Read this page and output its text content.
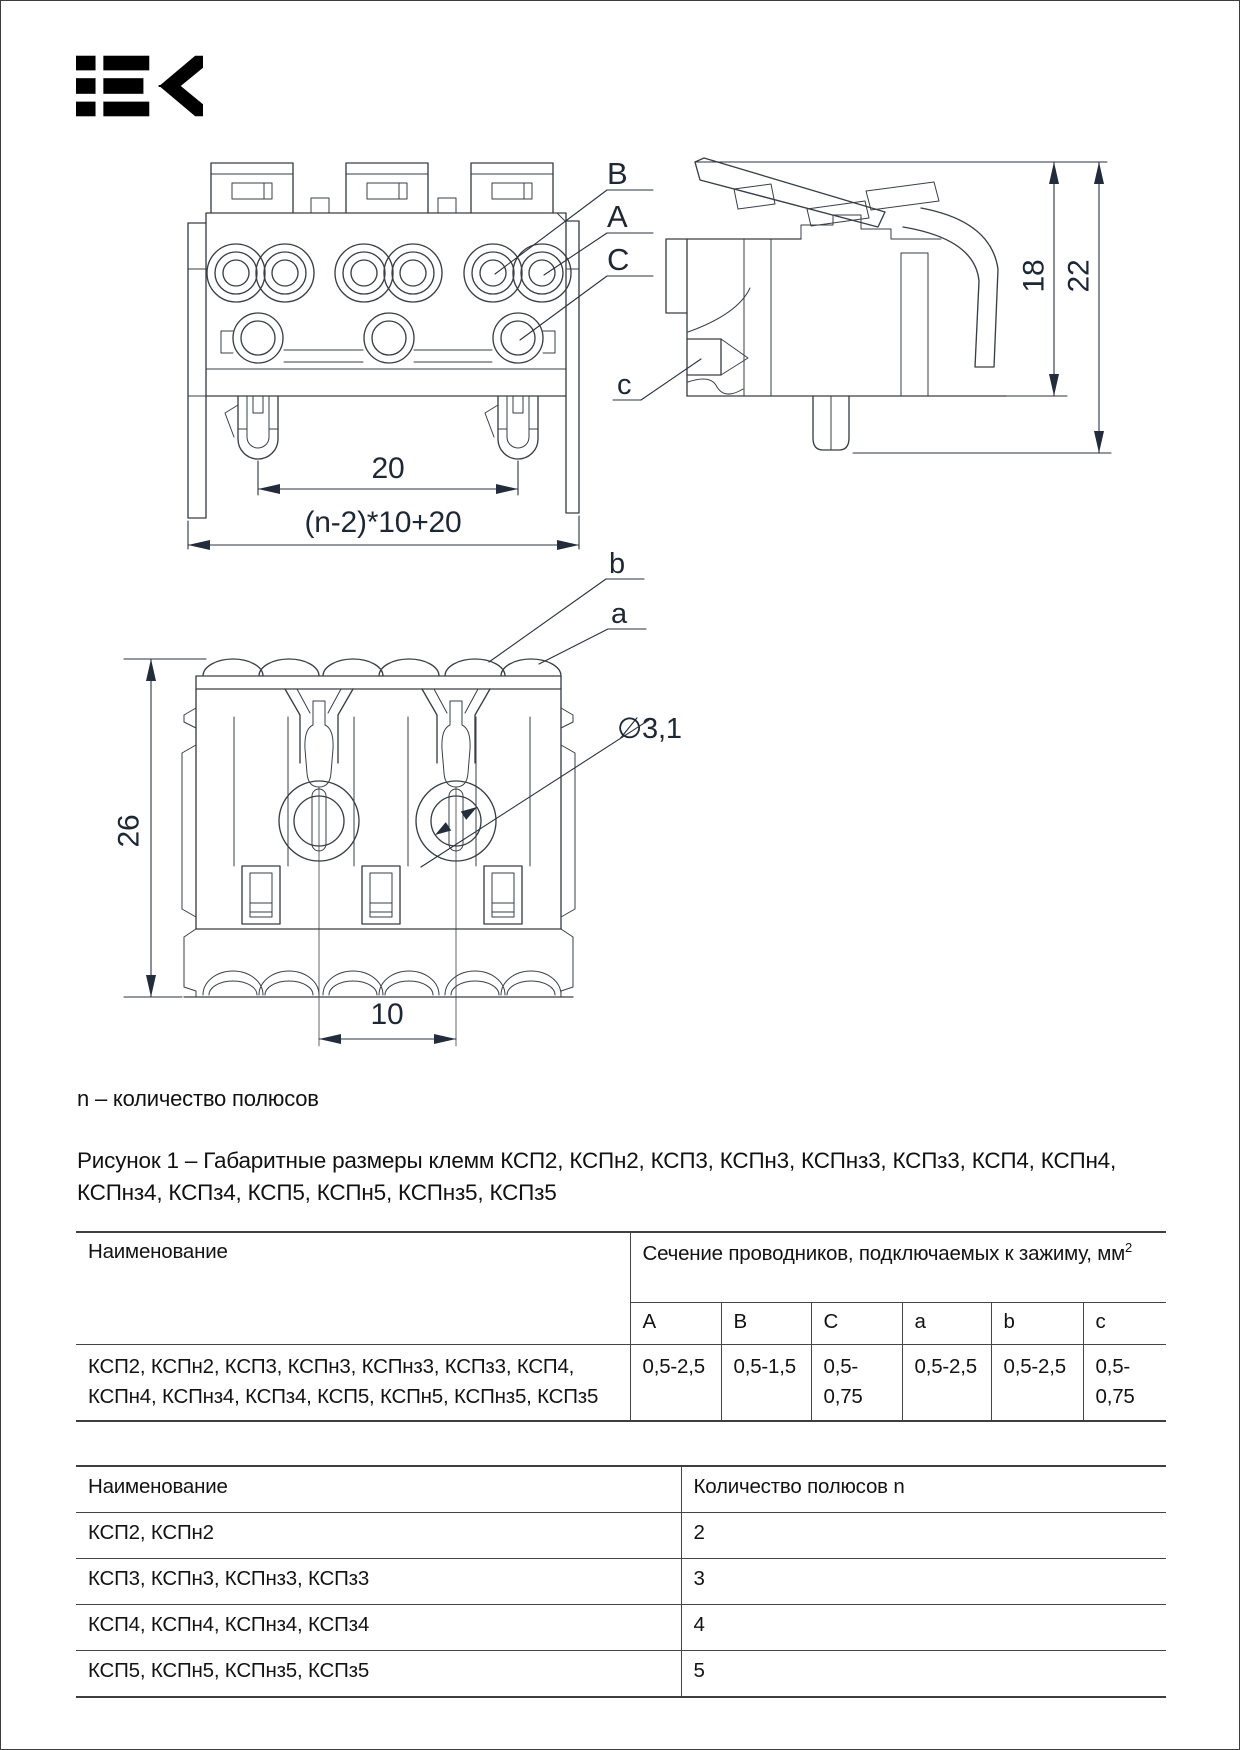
B
A
C
20
(n-2)*10+20
c
18 22
b
a
∅3,1
26
10
n – количество полюсов
Рисунок 1 – Габаритные размеры клемм КСП2, КСПн2, КСП3, КСПн3, КСПнз3, КСПз3, КСП4, КСПн4, КСПнз4, КСПз4, КСП5, КСПн5, КСПнз5, КСПз5
Наименование	Сечение проводников, подключаемых к зажиму, $мм^2$
	A	B	C	a	b	c
КСП2, КСПн2, КСП3, КСПн3, КСПнз3, КСПз3, КСП4, КСПн4, КСПнз4, КСПз4, КСП5, КСПн5, КСПнз5, КСПз5	0,5-2,5	0,5-1,5	0,5-0,75	0,5-2,5	0,5-2,5	0,5-0,75
Наименование	Количество полюсов n
КСП2, КСПн2	2
КСП3, КСПн3, КСПнз3, КСПз3	3
КСП4, КСПн4, КСПнз4, КСПз4	4
КСП5, КСПн5, КСПнз5, КСПз5	5
